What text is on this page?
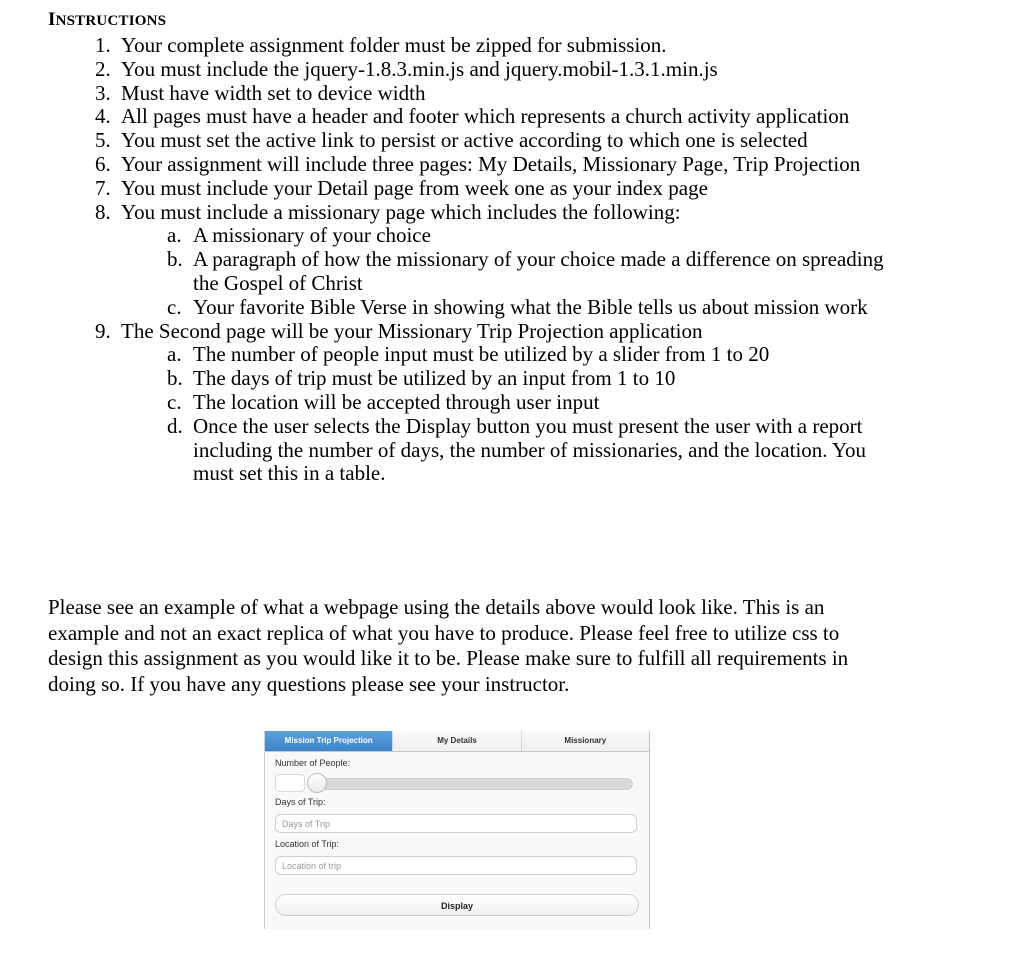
INSTRUCTIONS
1. Your complete assignment folder must be zipped for submission.
2. You must include the jquery-1.8.3.min.js and jquery.mobil-1.3.1.min.js
3. Must have width set to device width
4. All pages must have a header and footer which represents a church activity application
5. You must set the active link to persist or active according to which one is selected
6. Your assignment will include three pages: My Details, Missionary Page, Trip Projection
7. You must include your Detail page from week one as your index page
8. You must include a missionary page which includes the following:
a. A missionary of your choice
b. A paragraph of how the missionary of your choice made a difference on spreading
the Gospel of Christ
c. Your favorite Bible Verse in showing what the Bible tells us about mission work
9. The Second page will be your Missionary Trip Projection application
a. The number of people input must be utilized by a slider from 1 to 20
b. The days of trip must be utilized by an input from 1 to 10
c. The location will be accepted through user input
d. Once the user selects the Display button you must present the user with a report
including the number of days, the number of missionaries, and the location. You
must set this in a table.
Please see an example of what a webpage using the details above would look like. This is an
example and not an exact replica of what you have to produce. Please feel free to utilize css to
design this assignment as you would like it to be. Please make sure to fulfill all requirements in
doing so. If you have any questions please see your instructor.
Mission Trip Projection	My Details	Missionary
Number of People:
Days of Trip:
Days of Trip
Location of Trip:
Location of trip
Display
